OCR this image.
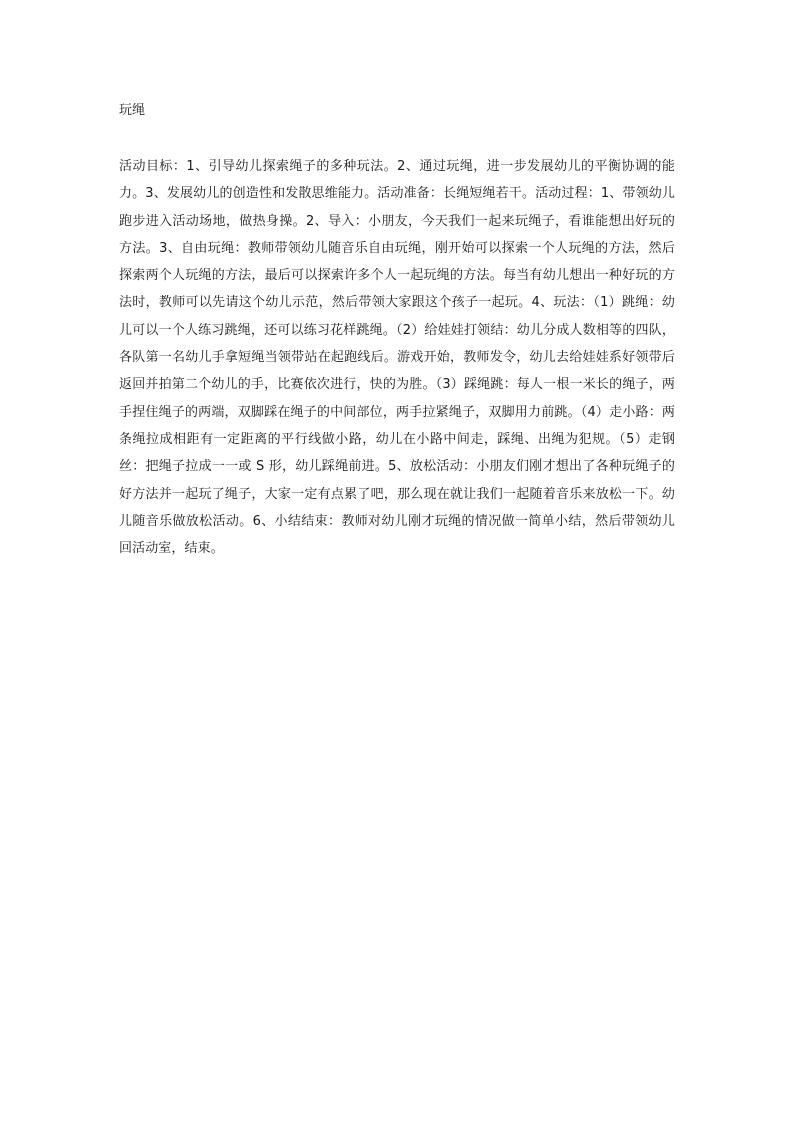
玩绳

活动目标：1、引导幼儿探索绳子的多种玩法。2、通过玩绳，进一步发展幼儿的平衡协调的能力。3、发展幼儿的创造性和发散思维能力。活动准备：长绳短绳若干。活动过程：1、带领幼儿跑步进入活动场地，做热身操。2、导入：小朋友，今天我们一起来玩绳子，看谁能想出好玩的方法。3、自由玩绳：教师带领幼儿随音乐自由玩绳，刚开始可以探索一个人玩绳的方法，然后探索两个人玩绳的方法，最后可以探索许多个人一起玩绳的方法。每当有幼儿想出一种好玩的方法时，教师可以先请这个幼儿示范，然后带领大家跟这个孩子一起玩。4、玩法：（1）跳绳：幼儿可以一个人练习跳绳，还可以练习花样跳绳。（2）给娃娃打领结：幼儿分成人数相等的四队，各队第一名幼儿手拿短绳当领带站在起跑线后。游戏开始，教师发令，幼儿去给娃娃系好领带后返回并拍第二个幼儿的手，比赛依次进行，快的为胜。（3）踩绳跳：每人一根一米长的绳子，两手捏住绳子的两端，双脚踩在绳子的中间部位，两手拉紧绳子，双脚用力前跳。（4）走小路：两条绳拉成相距有一定距离的平行线做小路，幼儿在小路中间走，踩绳、出绳为犯规。（5）走钢丝：把绳子拉成一一或 S 形，幼儿踩绳前进。5、放松活动：小朋友们刚才想出了各种玩绳子的好方法并一起玩了绳子，大家一定有点累了吧，那么现在就让我们一起随着音乐来放松一下。幼儿随音乐做放松活动。6、小结结束：教师对幼儿刚才玩绳的情况做一简单小结，然后带领幼儿回活动室，结束。
